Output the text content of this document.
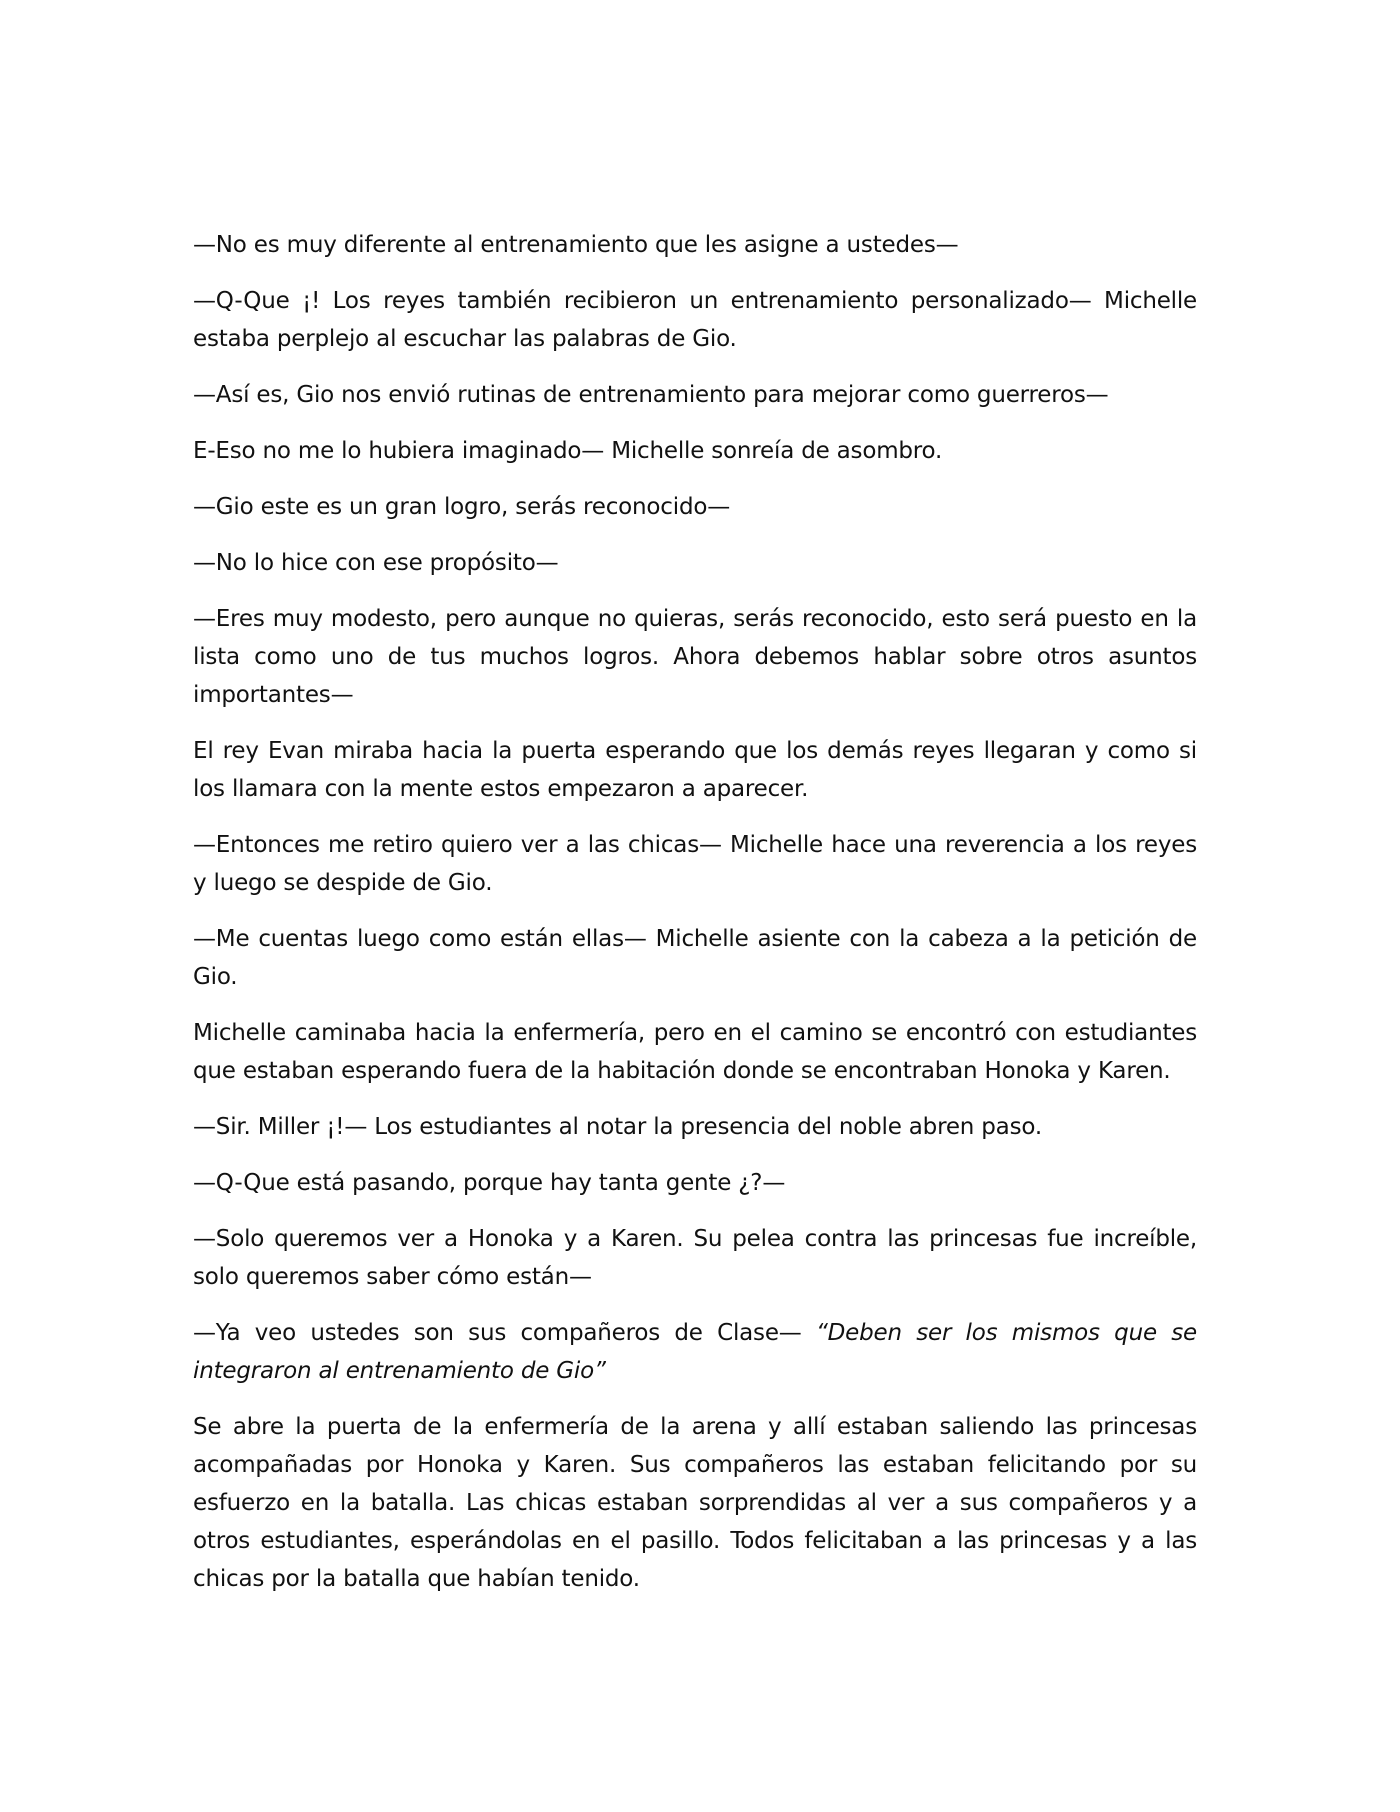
—No es muy diferente al entrenamiento que les asigne a ustedes—

—Q-Que ¡! Los reyes también recibieron un entrenamiento personalizado— Michelle estaba perplejo al escuchar las palabras de Gio.

—Así es, Gio nos envió rutinas de entrenamiento para mejorar como guerreros—

E-Eso no me lo hubiera imaginado— Michelle sonreía de asombro.

—Gio este es un gran logro, serás reconocido—

—No lo hice con ese propósito—

—Eres muy modesto, pero aunque no quieras, serás reconocido, esto será puesto en la lista como uno de tus muchos logros. Ahora debemos hablar sobre otros asuntos importantes—

El rey Evan miraba hacia la puerta esperando que los demás reyes llegaran y como si los llamara con la mente estos empezaron a aparecer.

—Entonces me retiro quiero ver a las chicas— Michelle hace una reverencia a los reyes y luego se despide de Gio.

—Me cuentas luego como están ellas— Michelle asiente con la cabeza a la petición de Gio.

Michelle caminaba hacia la enfermería, pero en el camino se encontró con estudiantes que estaban esperando fuera de la habitación donde se encontraban Honoka y Karen.

—Sir. Miller ¡!— Los estudiantes al notar la presencia del noble abren paso.

—Q-Que está pasando, porque hay tanta gente ¿?—

—Solo queremos ver a Honoka y a Karen. Su pelea contra las princesas fue increíble, solo queremos saber cómo están—

—Ya veo ustedes son sus compañeros de Clase— “Deben ser los mismos que se integraron al entrenamiento de Gio”

Se abre la puerta de la enfermería de la arena y allí estaban saliendo las princesas acompañadas por Honoka y Karen. Sus compañeros las estaban felicitando por su esfuerzo en la batalla. Las chicas estaban sorprendidas al ver a sus compañeros y a otros estudiantes, esperándolas en el pasillo. Todos felicitaban a las princesas y a las chicas por la batalla que habían tenido.
